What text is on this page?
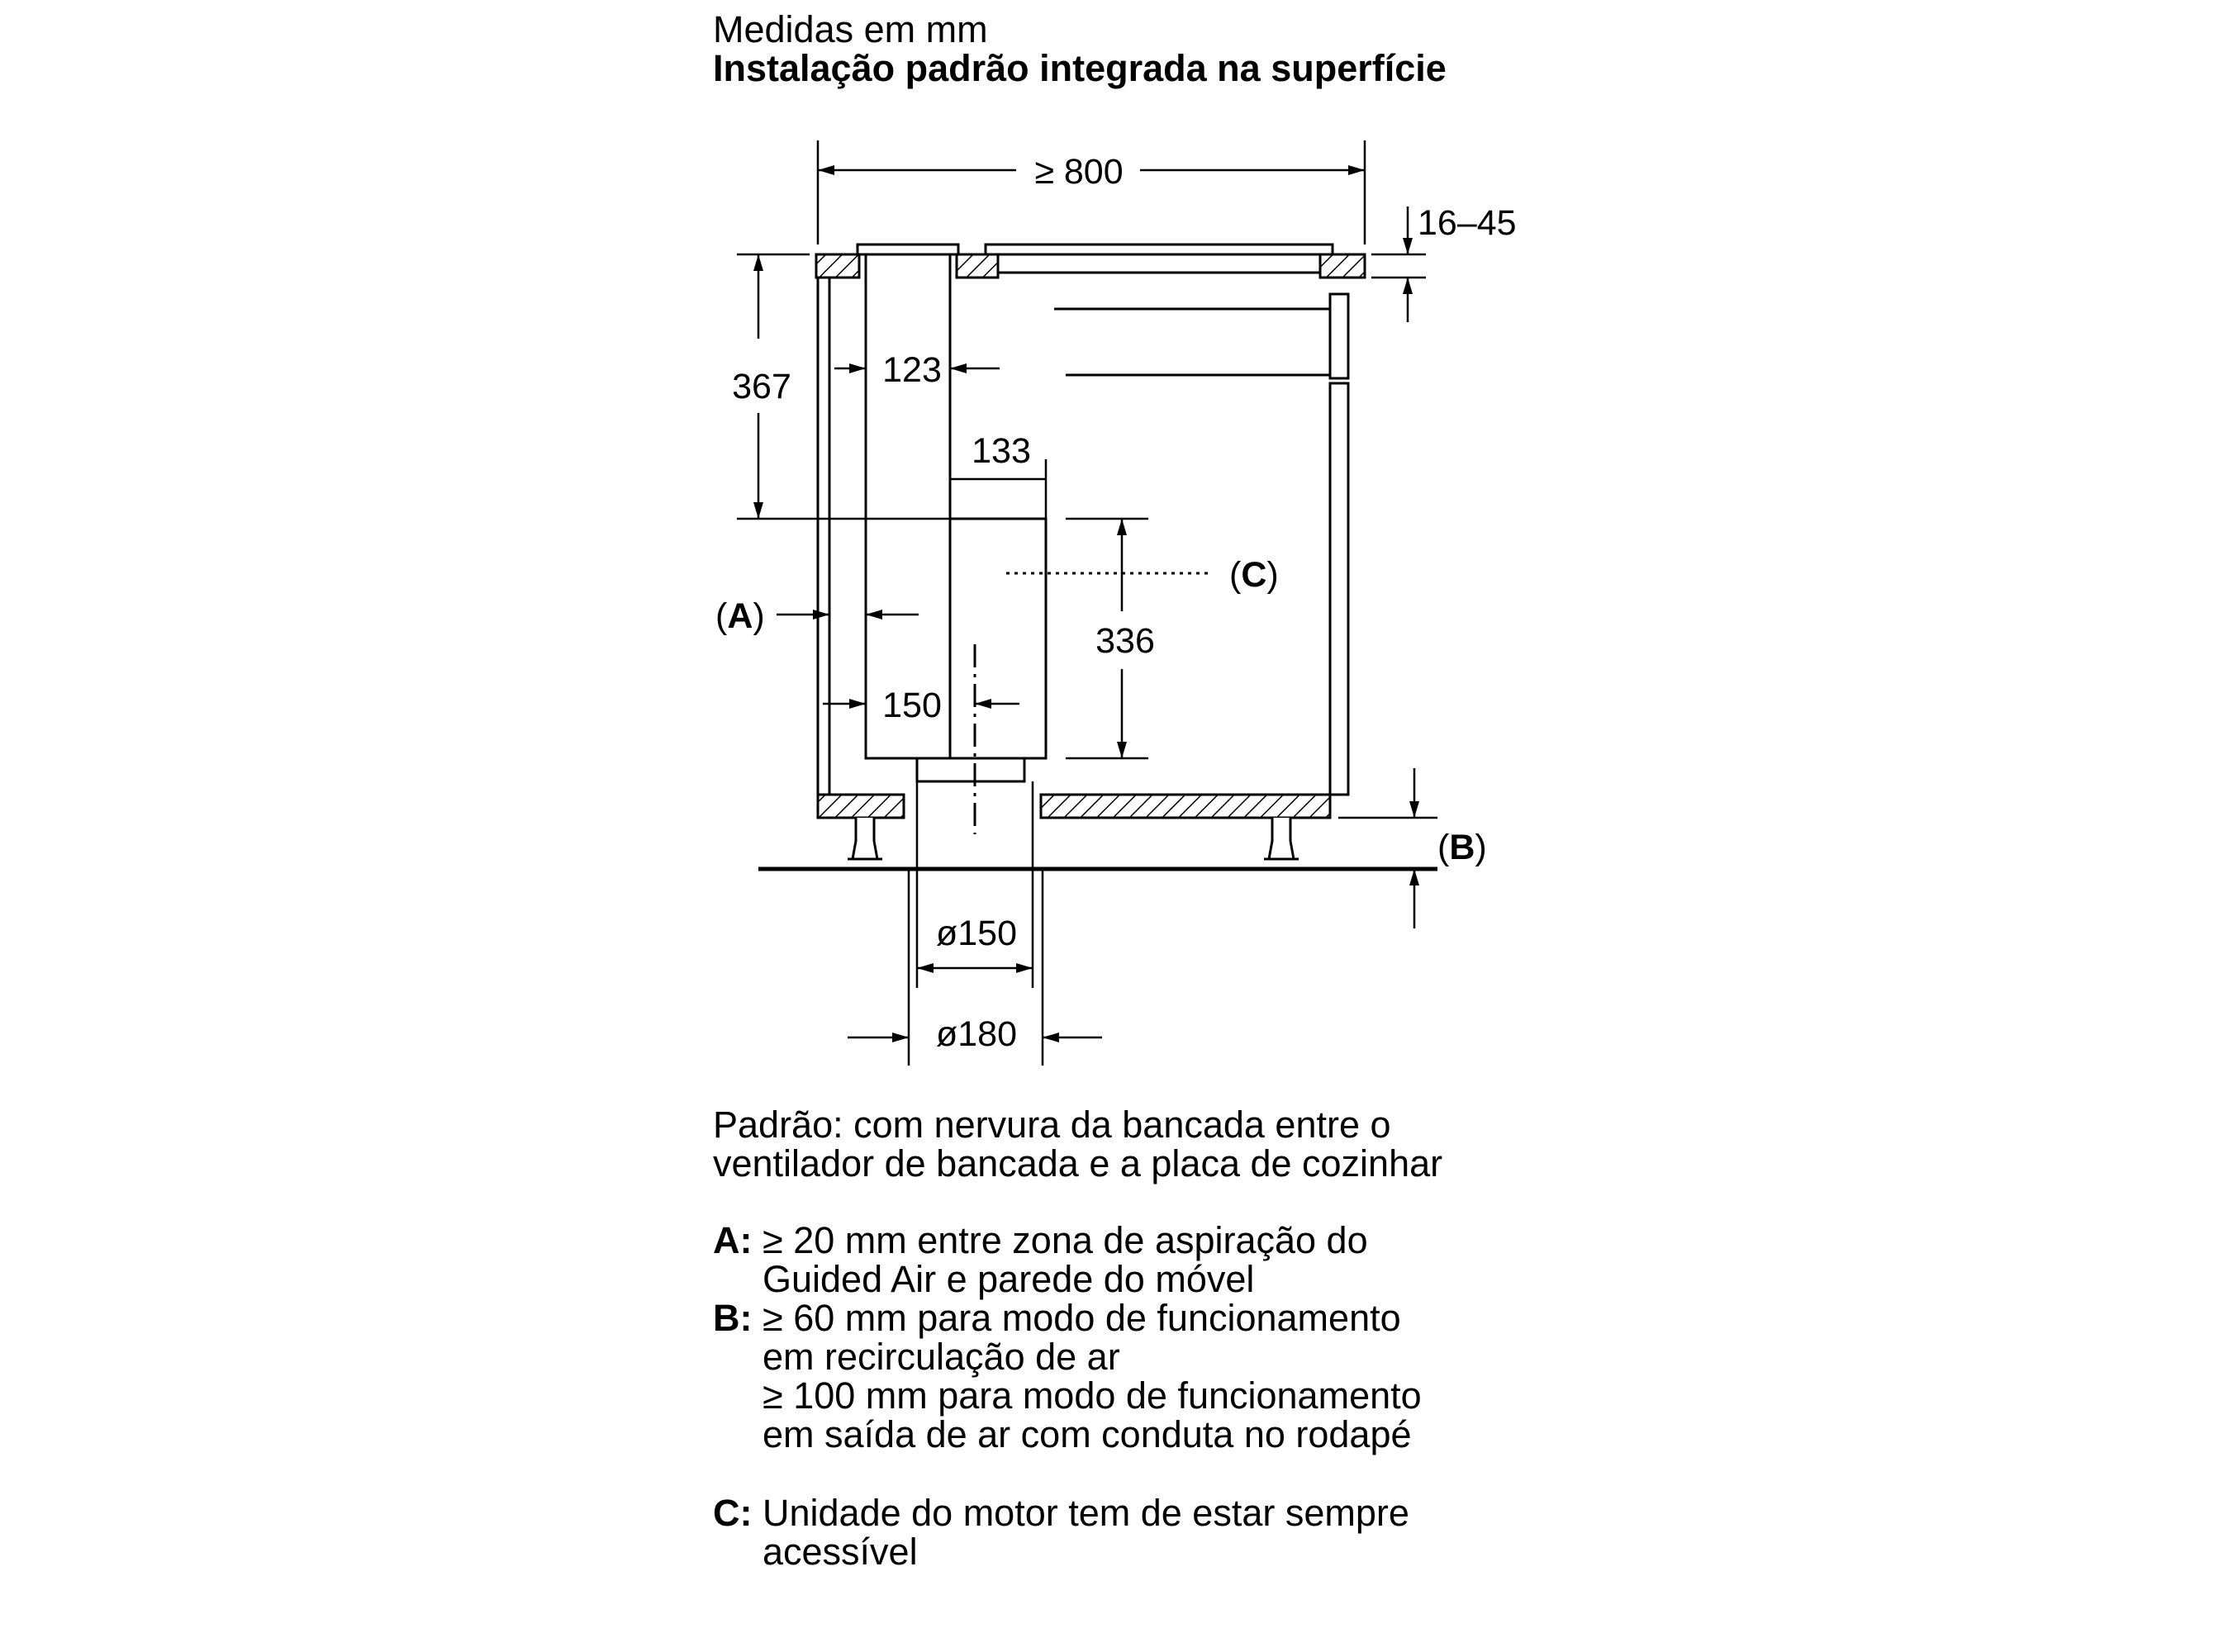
Medidas em mm
Instalação padrão integrada na superfície
≥ 800
16–45
367	123
133
336
150
ø150
ø180
(A)
(B)
(C)
Padrão: com nervura da bancada entre o
ventilador de bancada e a placa de cozinhar
A: ≥ 20 mm entre zona de aspiração do
Guided Air e parede do móvel
B: ≥ 60 mm para modo de funcionamento
em recirculação de ar
≥ 100 mm para modo de funcionamento
em saída de ar com conduta no rodapé
C: Unidade do motor tem de estar sempre
acessível
